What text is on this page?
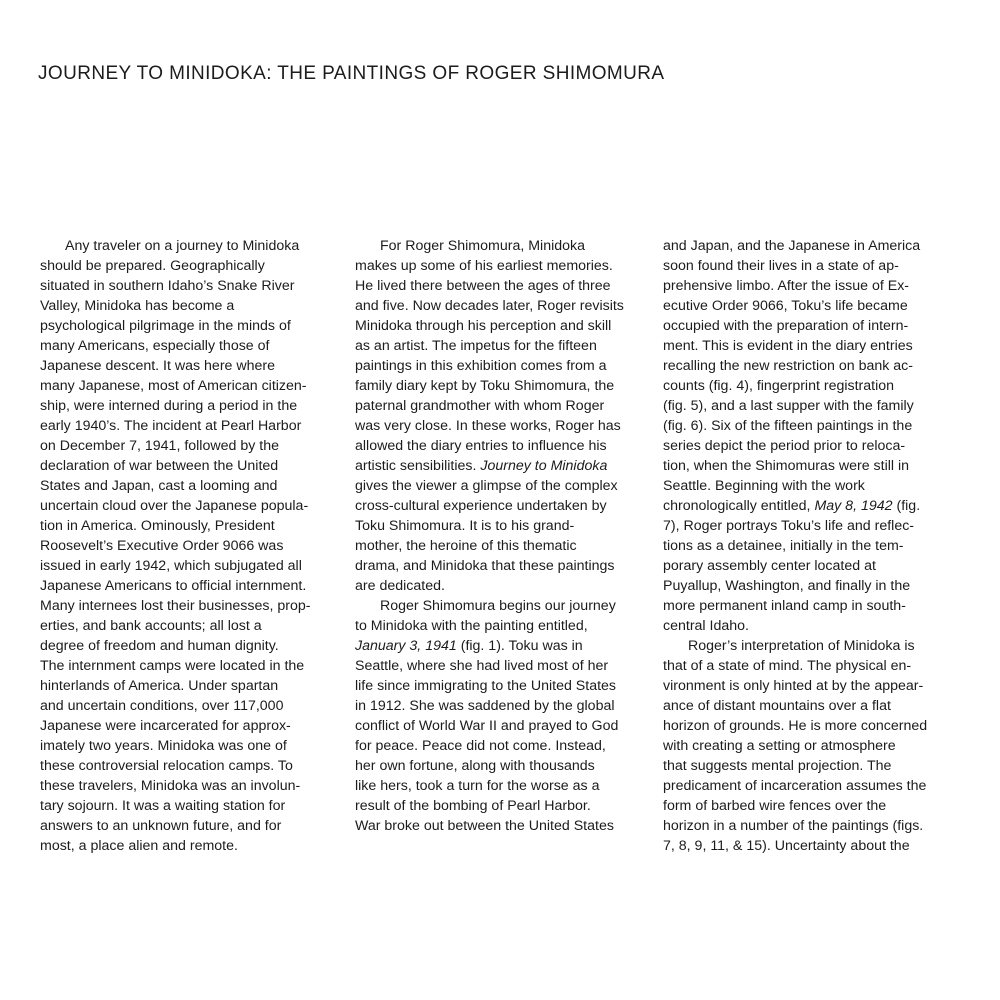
JOURNEY TO MINIDOKA: THE PAINTINGS OF ROGER SHIMOMURA
Any traveler on a journey to Minidoka
should be prepared. Geographically
situated in southern Idaho’s Snake River
Valley, Minidoka has become a
psychological pilgrimage in the minds of
many Americans, especially those of
Japanese descent. It was here where
many Japanese, most of American citizen-
ship, were interned during a period in the
early 1940’s. The incident at Pearl Harbor
on December 7, 1941, followed by the
declaration of war between the United
States and Japan, cast a looming and
uncertain cloud over the Japanese popula-
tion in America. Ominously, President
Roosevelt’s Executive Order 9066 was
issued in early 1942, which subjugated all
Japanese Americans to official internment.
Many internees lost their businesses, prop-
erties, and bank accounts; all lost a
degree of freedom and human dignity.
The internment camps were located in the
hinterlands of America. Under spartan
and uncertain conditions, over 117,000
Japanese were incarcerated for approx-
imately two years. Minidoka was one of
these controversial relocation camps. To
these travelers, Minidoka was an involun-
tary sojourn. It was a waiting station for
answers to an unknown future, and for
most, a place alien and remote.
For Roger Shimomura, Minidoka
makes up some of his earliest memories.
He lived there between the ages of three
and five. Now decades later, Roger revisits
Minidoka through his perception and skill
as an artist. The impetus for the fifteen
paintings in this exhibition comes from a
family diary kept by Toku Shimomura, the
paternal grandmother with whom Roger
was very close. In these works, Roger has
allowed the diary entries to influence his
artistic sensibilities. Journey to Minidoka
gives the viewer a glimpse of the complex
cross-cultural experience undertaken by
Toku Shimomura. It is to his grand-
mother, the heroine of this thematic
drama, and Minidoka that these paintings
are dedicated.
Roger Shimomura begins our journey
to Minidoka with the painting entitled,
January 3, 1941 (fig. 1). Toku was in
Seattle, where she had lived most of her
life since immigrating to the United States
in 1912. She was saddened by the global
conflict of World War II and prayed to God
for peace. Peace did not come. Instead,
her own fortune, along with thousands
like hers, took a turn for the worse as a
result of the bombing of Pearl Harbor.
War broke out between the United States
and Japan, and the Japanese in America
soon found their lives in a state of ap-
prehensive limbo. After the issue of Ex-
ecutive Order 9066, Toku’s life became
occupied with the preparation of intern-
ment. This is evident in the diary entries
recalling the new restriction on bank ac-
counts (fig. 4), fingerprint registration
(fig. 5), and a last supper with the family
(fig. 6). Six of the fifteen paintings in the
series depict the period prior to reloca-
tion, when the Shimomuras were still in
Seattle. Beginning with the work
chronologically entitled, May 8, 1942 (fig.
7), Roger portrays Toku’s life and reflec-
tions as a detainee, initially in the tem-
porary assembly center located at
Puyallup, Washington, and finally in the
more permanent inland camp in south-
central Idaho.
Roger’s interpretation of Minidoka is
that of a state of mind. The physical en-
vironment is only hinted at by the appear-
ance of distant mountains over a flat
horizon of grounds. He is more concerned
with creating a setting or atmosphere
that suggests mental projection. The
predicament of incarceration assumes the
form of barbed wire fences over the
horizon in a number of the paintings (figs.
7, 8, 9, 11, & 15). Uncertainty about the
